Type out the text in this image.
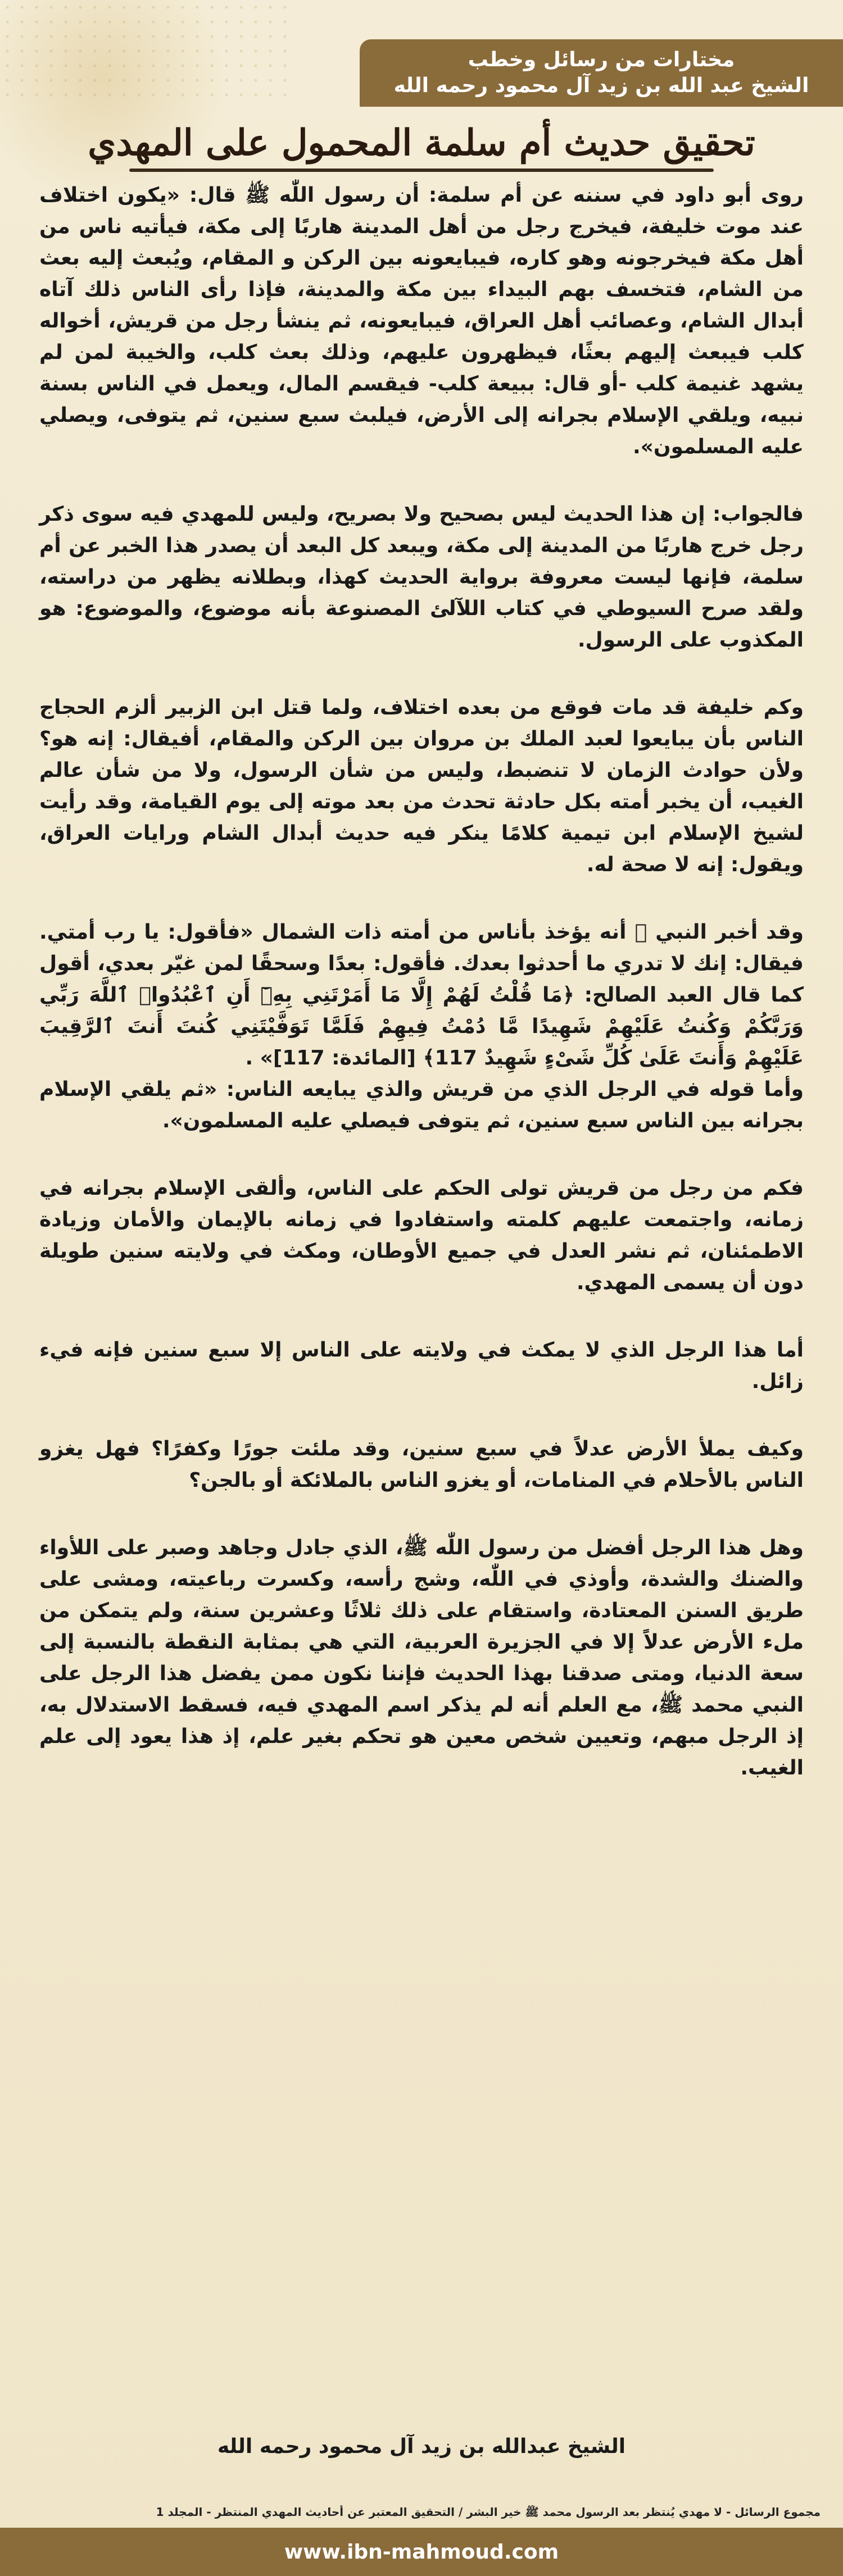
مختارات من رسائل وخطب
الشيخ عبد الله بن زيد آل محمود رحمه الله
تحقيق حديث أم سلمة المحمول على المهدي

روى أبو داود في سننه عن أم سلمة: أن رسول اللّٰه ﷺ قال: «يكون اختلاف عند موت خليفة، فيخرج رجل من أهل المدينة هاربًا إلى مكة، فيأتيه ناس من أهل مكة فيخرجونه وهو كاره، فيبايعونه بين الركن و المقام، ويُبعث إليه بعث من الشام، فتخسف بهم البيداء بين مكة والمدينة، فإذا رأى الناس ذلك آتاه أبدال الشام، وعصائب أهل العراق، فيبايعونه، ثم ينشأ رجل من قريش، أخواله كلب فيبعث إليهم بعثًا، فيظهرون عليهم، وذلك بعث كلب، والخيبة لمن لم يشهد غنيمة كلب -أو قال: ببيعة كلب- فيقسم المال، ويعمل في الناس بسنة نبيه، ويلقي الإسلام بجرانه إلى الأرض، فيلبث سبع سنين، ثم يتوفى، ويصلي عليه المسلمون».

فالجواب: إن هذا الحديث ليس بصحيح ولا بصريح، وليس للمهدي فيه سوى ذكر رجل خرج هاربًا من المدينة إلى مكة، ويبعد كل البعد أن يصدر هذا الخبر عن أم سلمة، فإنها ليست معروفة برواية الحديث كهذا، وبطلانه يظهر من دراسته، ولقد صرح السيوطي في كتاب اللآلئ المصنوعة بأنه موضوع، والموضوع: هو المكذوب على الرسول.

وكم خليفة قد مات فوقع من بعده اختلاف، ولما قتل ابن الزبير ألزم الحجاج الناس بأن يبايعوا لعبد الملك بن مروان بين الركن والمقام، أفيقال: إنه هو؟ ولأن حوادث الزمان لا تنضبط، وليس من شأن الرسول، ولا من شأن عالم الغيب، أن يخبر أمته بكل حادثة تحدث من بعد موته إلى يوم القيامة، وقد رأيت لشيخ الإسلام ابن تيمية كلامًا ينكر فيه حديث أبدال الشام ورايات العراق، ويقول: إنه لا صحة له.

وقد أخبر النبي ﷺ أنه يؤخذ بأناس من أمته ذات الشمال «فأقول: يا رب أمتي. فيقال: إنك لا تدري ما أحدثوا بعدك. فأقول: بعدًا وسحقًا لمن غيّر بعدي، أقول كما قال العبد الصالح: ﴿مَا قُلْتُ لَهُمْ إِلَّا مَا أَمَرْتَنِي بِهِۦٓ أَنِ ٱعْبُدُوا۟ ٱللَّهَ رَبِّي وَرَبَّكُمْ وَكُنتُ عَلَيْهِمْ شَهِيدًا مَّا دُمْتُ فِيهِمْ فَلَمَّا تَوَفَّيْتَنِي كُنتَ أَنتَ ٱلرَّقِيبَ عَلَيْهِمْ وَأَنتَ عَلَىٰ كُلِّ شَىْءٍ شَهِيدٌ 117﴾ [المائدة: 117]» .

وأما قوله في الرجل الذي من قريش والذي يبايعه الناس: «ثم يلقي الإسلام بجرانه بين الناس سبع سنين، ثم يتوفى فيصلي عليه المسلمون».

فكم من رجل من قريش تولى الحكم على الناس، وألقى الإسلام بجرانه في زمانه، واجتمعت عليهم كلمته واستفادوا في زمانه بالإيمان والأمان وزيادة الاطمئنان، ثم نشر العدل في جميع الأوطان، ومكث في ولايته سنين طويلة دون أن يسمى المهدي.

أما هذا الرجل الذي لا يمكث في ولايته على الناس إلا سبع سنين فإنه فيء زائل.

وكيف يملأ الأرض عدلاً في سبع سنين، وقد ملئت جورًا وكفرًا؟ فهل يغزو الناس بالأحلام في المنامات، أو يغزو الناس بالملائكة أو بالجن؟

وهل هذا الرجل أفضل من رسول اللّٰه ﷺ، الذي جادل وجاهد وصبر على اللأواء والضنك والشدة، وأوذي في اللّٰه، وشج رأسه، وكسرت رباعيته، ومشى على طريق السنن المعتادة، واستقام على ذلك ثلاثًا وعشرين سنة، ولم يتمكن من ملء الأرض عدلاً إلا في الجزيرة العربية، التي هي بمثابة النقطة بالنسبة إلى سعة الدنيا، ومتى صدقنا بهذا الحديث فإننا نكون ممن يفضل هذا الرجل على النبي محمد ﷺ، مع العلم أنه لم يذكر اسم المهدي فيه، فسقط الاستدلال به، إذ الرجل مبهم، وتعيين شخص معين هو تحكم بغير علم، إذ هذا يعود إلى علم الغيب.

الشيخ عبدالله بن زيد آل محمود رحمه الله
مجموع الرسائل - لا مهدي يُنتظر بعد الرسول محمد ﷺ خير البشر / التحقيق المعتبر عن أحاديث المهدي المنتظر - المجلد 1
www.ibn-mahmoud.com
